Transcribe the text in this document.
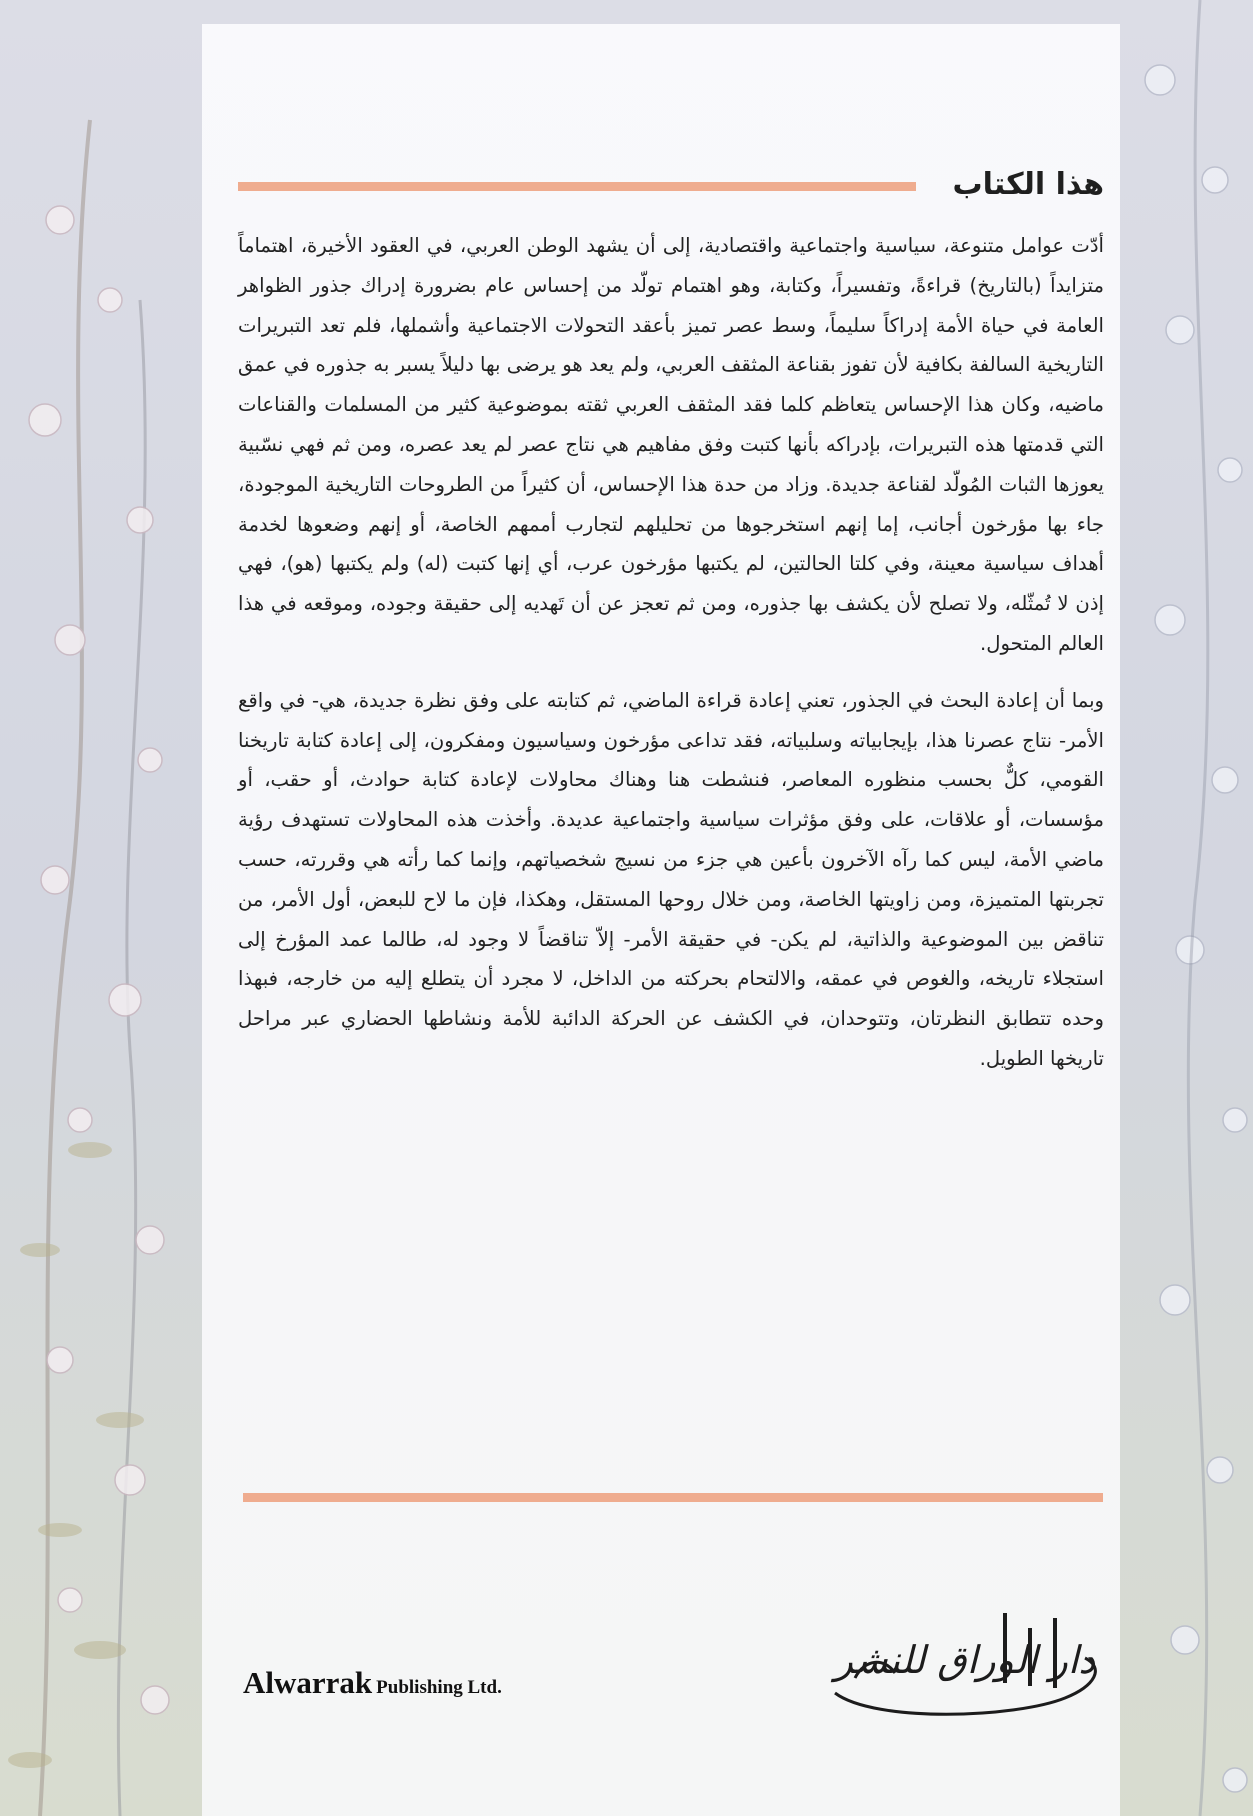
هذا الكتاب

أدّت عوامل متنوعة، سياسية واجتماعية واقتصادية، إلى أن يشهد الوطن العربي، في العقود الأخيرة، اهتماماً متزايداً (بالتاريخ) قراءةً، وتفسيراً، وكتابة، وهو اهتمام تولّد من إحساس عام بضرورة إدراك جذور الظواهر العامة في حياة الأمة إدراكاً سليماً، وسط عصر تميز بأعقد التحولات الاجتماعية وأشملها، فلم تعد التبريرات التاريخية السالفة بكافية لأن تفوز بقناعة المثقف العربي، ولم يعد هو يرضى بها دليلاً يسبر به جذوره في عمق ماضيه، وكان هذا الإحساس يتعاظم كلما فقد المثقف العربي ثقته بموضوعية كثير من المسلمات والقناعات التي قدمتها هذه التبريرات، بإدراكه بأنها كتبت وفق مفاهيم هي نتاج عصر لم يعد عصره، ومن ثم فهي نسّبية يعوزها الثبات المُولّد لقناعة جديدة. وزاد من حدة هذا الإحساس، أن كثيراً من الطروحات التاريخية الموجودة، جاء بها مؤرخون أجانب، إما إنهم استخرجوها من تحليلهم لتجارب أممهم الخاصة، أو إنهم وضعوها لخدمة أهداف سياسية معينة، وفي كلتا الحالتين، لم يكتبها مؤرخون عرب، أي إنها كتبت (له) ولم يكتبها (هو)، فهي إذن لا تُمثّله، ولا تصلح لأن يكشف بها جذوره، ومن ثم تعجز عن أن تَهديه إلى حقيقة وجوده، وموقعه في هذا العالم المتحول.

وبما أن إعادة البحث في الجذور، تعني إعادة قراءة الماضي، ثم كتابته على وفق نظرة جديدة، هي- في واقع الأمر- نتاج عصرنا هذا، بإيجابياته وسلبياته، فقد تداعى مؤرخون وسياسيون ومفكرون، إلى إعادة كتابة تاريخنا القومي، كلٌّ بحسب منظوره المعاصر، فنشطت هنا وهناك محاولات لإعادة كتابة حوادث، أو حقب، أو مؤسسات، أو علاقات، على وفق مؤثرات سياسية واجتماعية عديدة. وأخذت هذه المحاولات تستهدف رؤية ماضي الأمة، ليس كما رآه الآخرون بأعين هي جزء من نسيج شخصياتهم، وإنما كما رأته هي وقررته، حسب تجربتها المتميزة، ومن زاويتها الخاصة، ومن خلال روحها المستقل، وهكذا، فإن ما لاح للبعض، أول الأمر، من تناقض بين الموضوعية والذاتية، لم يكن- في حقيقة الأمر- إلاّ تناقضاً لا وجود له، طالما عمد المؤرخ إلى استجلاء تاريخه، والغوص في عمقه، والالتحام بحركته من الداخل، لا مجرد أن يتطلع إليه من خارجه، فبهذا وحده تتطابق النظرتان، وتتوحدان، في الكشف عن الحركة الدائبة للأمة ونشاطها الحضاري عبر مراحل تاريخها الطويل.

دار الوراق للنشر
Alwarrak Publishing Ltd.
